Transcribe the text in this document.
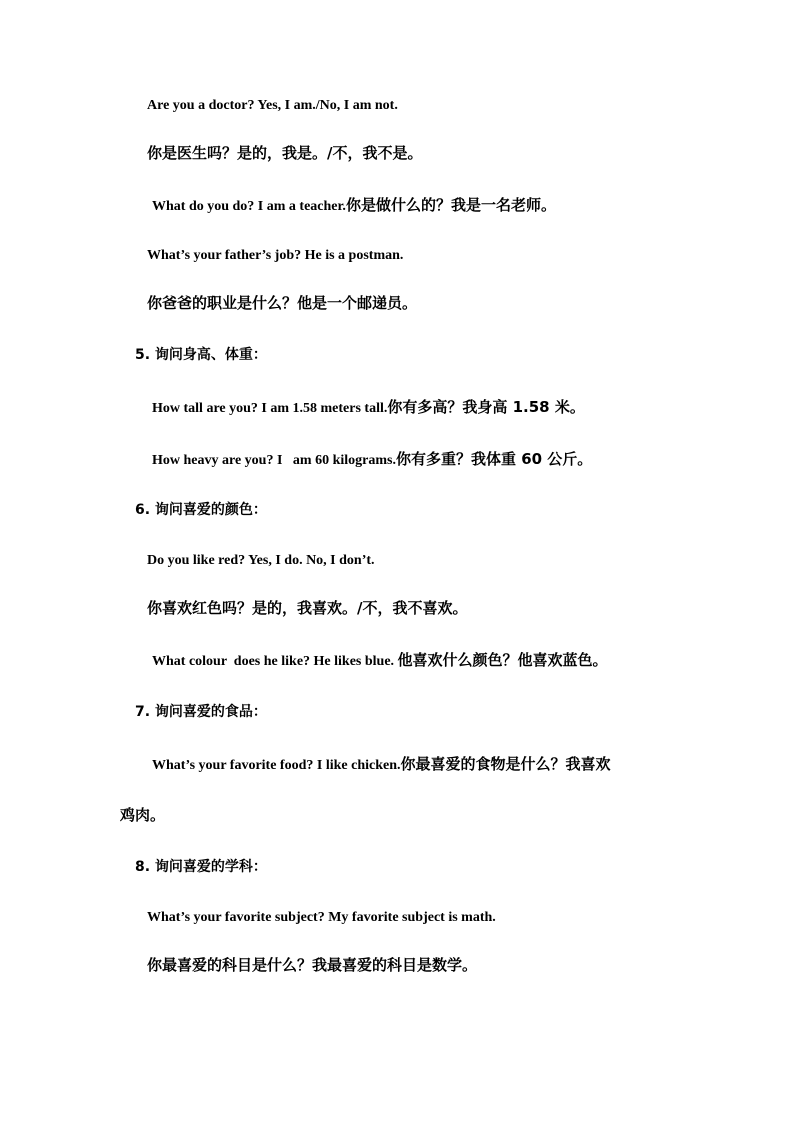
Are you a doctor? Yes, I am./No, I am not.
你是医生吗？是的，我是。/不，我不是。
What do you do? I am a teacher.你是做什么的？我是一名老师。
What’s your father’s job? He is a postman.
你爸爸的职业是什么？他是一个邮递员。
5. 询问身高、体重：
How tall are you? I am 1.58 meters tall.你有多高？我身高 1.58 米。
How heavy are you? I   am 60 kilograms.你有多重？我体重 60 公斤。
6. 询问喜爱的颜色：
Do you like red? Yes, I do. No, I don’t.
你喜欢红色吗？是的，我喜欢。/不，我不喜欢。
What colour  does he like? He likes blue. 他喜欢什么颜色？他喜欢蓝色。
7. 询问喜爱的食品：
What’s your favorite food? I like chicken.你最喜爱的食物是什么？我喜欢
鸡肉。
8. 询问喜爱的学科：
What’s your favorite subject? My favorite subject is math.
你最喜爱的科目是什么？我最喜爱的科目是数学。
